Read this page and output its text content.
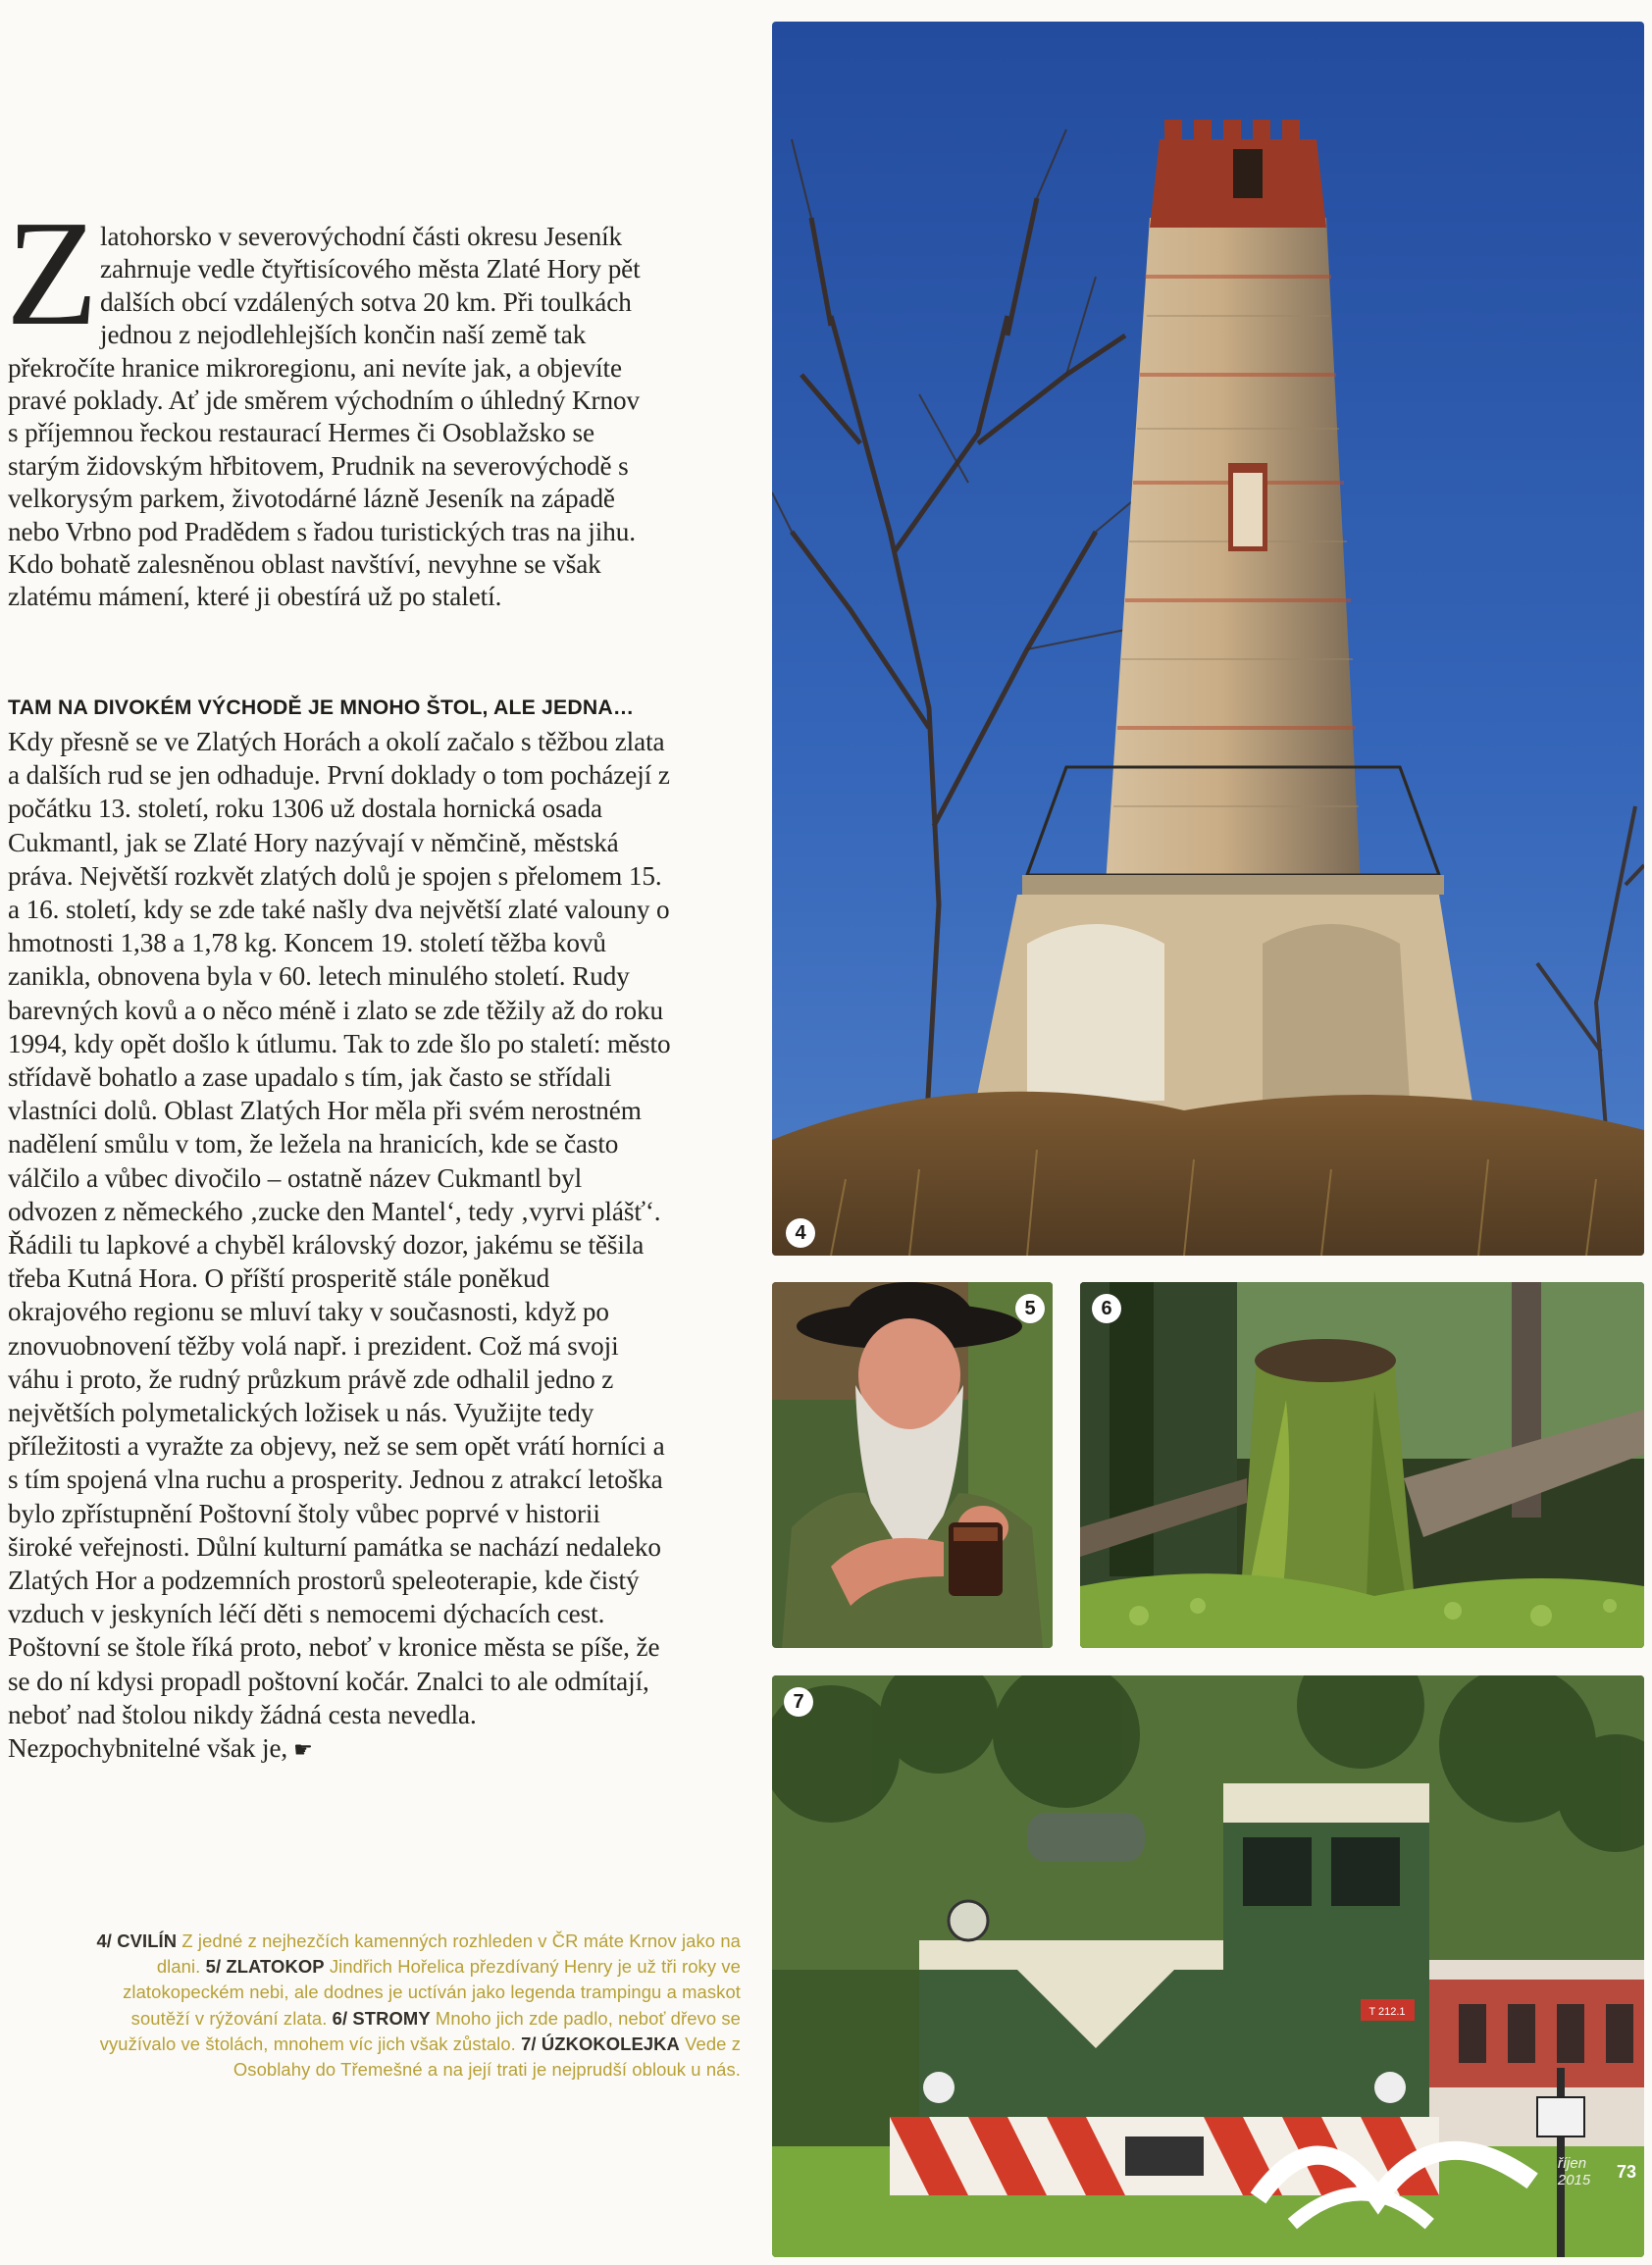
Zlatohorsko v severovýchodní části okresu Jeseník zahrnuje vedle čtyřtisícového města Zlaté Hory pět dalších obcí vzdálených sotva 20 km. Při toulkách jednou z nejodlehlejších končin naší země tak překročíte hranice mikroregionu, ani nevíte jak, a objevíte pravé poklady. Ať jde směrem východním o úhledný Krnov s příjemnou řeckou restaurací Hermes či Osoblažsko se starým židovským hřbitovem, Prudnik na severovýchodě s velkorysým parkem, životodárné lázně Jeseník na západě nebo Vrbno pod Pradědem s řadou turistických tras na jihu. Kdo bohatě zalesněnou oblast navštíví, nevyhne se však zlatému mámení, které ji obestírá už po staletí.
TAM NA DIVOKÉM VÝCHODĚ JE MNOHO ŠTOL, ALE JEDNA…
Kdy přesně se ve Zlatých Horách a okolí začalo s těžbou zlata a dalších rud se jen odhaduje. První doklady o tom pocházejí z počátku 13. století, roku 1306 už dostala hornická osada Cukmantl, jak se Zlaté Hory nazývají v němčině, městská práva. Největší rozkvět zlatých dolů je spojen s přelomem 15. a 16. století, kdy se zde také našly dva největší zlaté valouny o hmotnosti 1,38 a 1,78 kg. Koncem 19. století těžba kovů zanikla, obnovena byla v 60. letech minulého století. Rudy barevných kovů a o něco méně i zlato se zde těžily až do roku 1994, kdy opět došlo k útlumu. Tak to zde šlo po staletí: město střídavě bohatlo a zase upadalo s tím, jak často se střídali vlastníci dolů. Oblast Zlatých Hor měla při svém nerostném nadělení smůlu v tom, že ležela na hranicích, kde se často válčilo a vůbec divočilo – ostatně název Cukmantl byl odvozen z německého ‚zucke den Mantel‘, tedy ‚vyrvi plášť‘. Řádili tu lapkové a chyběl královský dozor, jakému se těšila třeba Kutná Hora. O příští prosperitě stále poněkud okrajového regionu se mluví taky v současnosti, když po znovuobnovení těžby volá např. i prezident. Což má svoji váhu i proto, že rudný průzkum právě zde odhalil jedno z největších polymetalických ložisek u nás. Využijte tedy příležitosti a vyražte za objevy, než se sem opět vrátí horníci a s tím spojená vlna ruchu a prosperity. Jednou z atrakcí letoška bylo zpřístupnění Poštovní štoly vůbec poprvé v historii široké veřejnosti. Důlní kulturní památka se nachází nedaleko Zlatých Hor a podzemních prostorů speleoterapie, kde čistý vzduch v jeskyních léčí děti s nemocemi dýchacích cest. Poštovní se štole říká proto, neboť v kronice města se píše, že se do ní kdysi propadl poštovní kočár. Znalci to ale odmítají, neboť nad štolou nikdy žádná cesta nevedla. Nezpochybnitelné však je, ☛
4/ CVILÍN Z jedné z nejhezčích kamenných rozhleden v ČR máte Krnov jako na dlani. 5/ ZLATOKOP Jindřich Hořelica přezdívaný Henry je už tři roky ve zlatokopeckém nebi, ale dodnes je uctíván jako legenda trampingu a maskot soutěží v rýžování zlata. 6/ STROMY Mnoho jich zde padlo, neboť dřevo se využívalo ve štolách, mnohem víc jich však zůstalo. 7/ ÚZKOKOLEJKA Vede z Osoblahy do Třemešné a na její trati je nejprudší oblouk u nás.
4
5	6
T 212.1
7
říjen 2015	73
